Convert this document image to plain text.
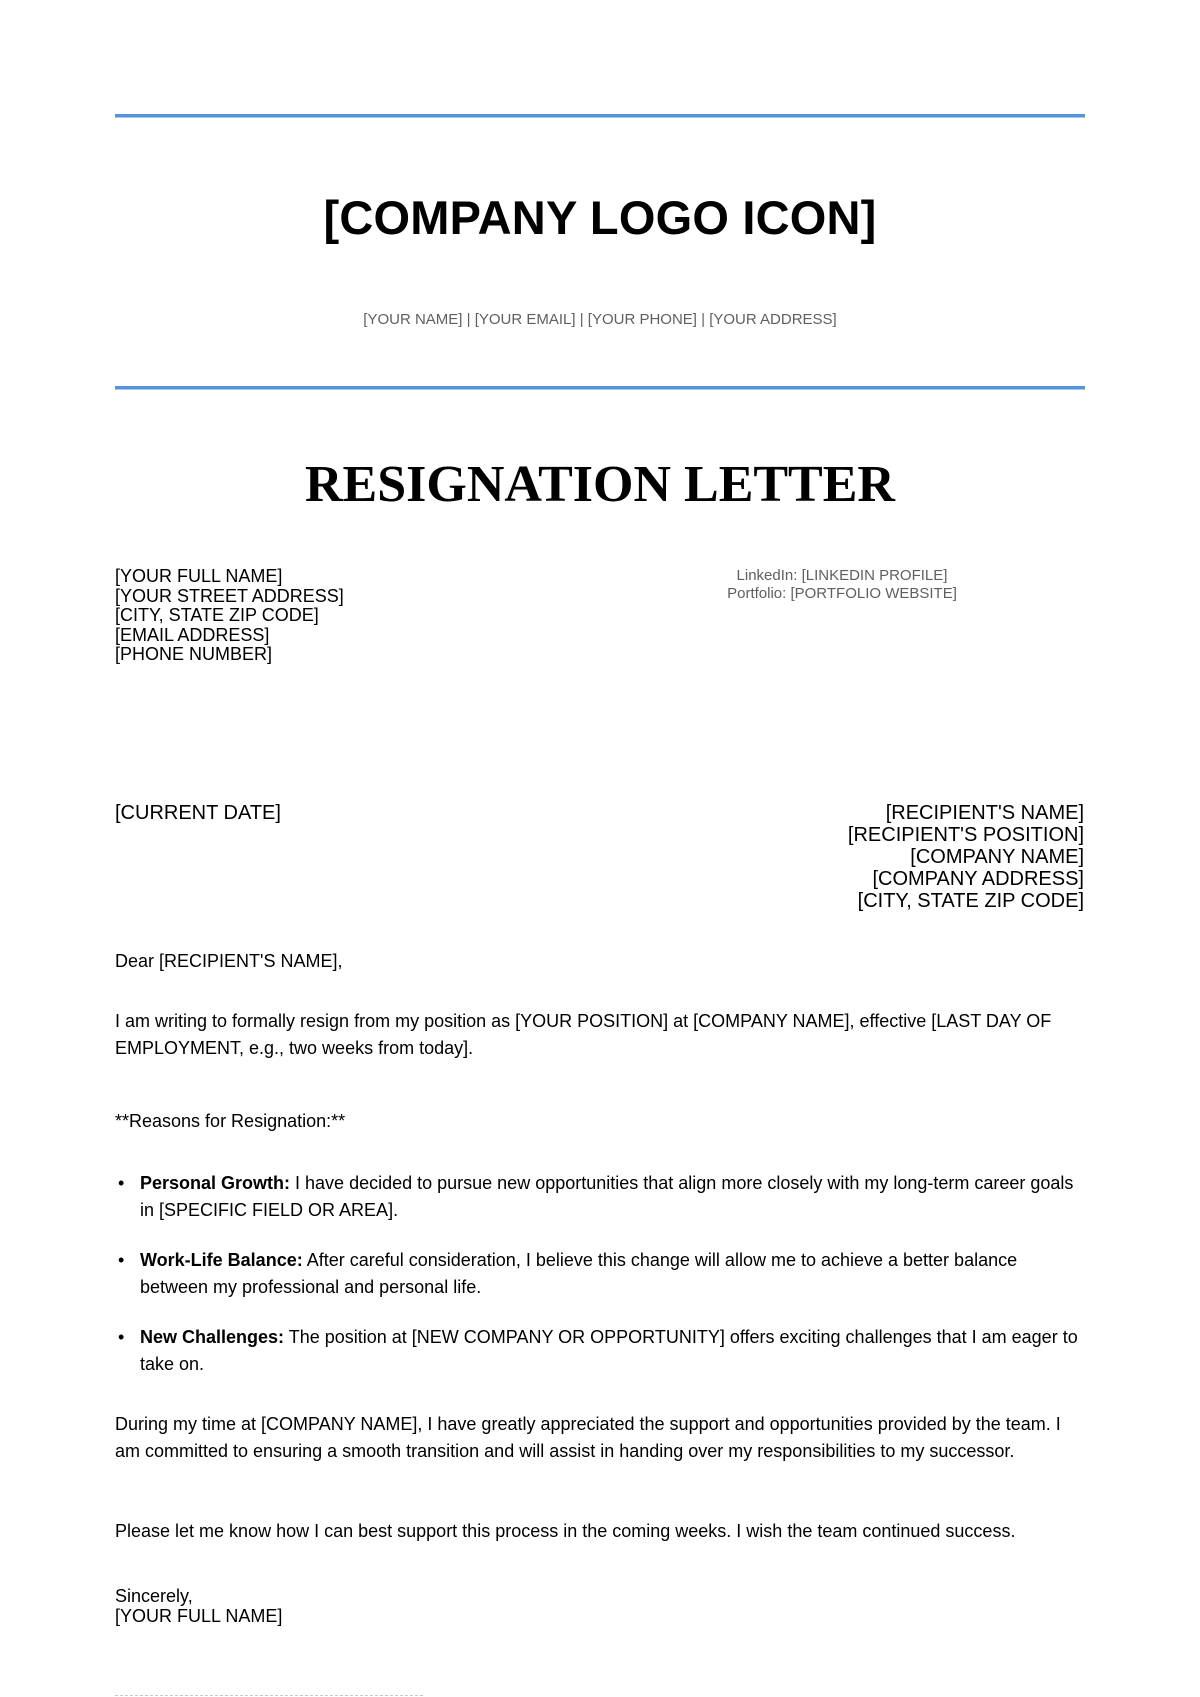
[COMPANY LOGO ICON]
[YOUR NAME] | [YOUR EMAIL] | [YOUR PHONE] | [YOUR ADDRESS]
RESIGNATION LETTER
[YOUR FULL NAME]
[YOUR STREET ADDRESS]
[CITY, STATE ZIP CODE]
[EMAIL ADDRESS]
[PHONE NUMBER]
LinkedIn: [LINKEDIN PROFILE]
Portfolio: [PORTFOLIO WEBSITE]
[CURRENT DATE]	[RECIPIENT'S NAME]
[RECIPIENT'S POSITION]
[COMPANY NAME]
[COMPANY ADDRESS]
[CITY, STATE ZIP CODE]
Dear [RECIPIENT'S NAME],
I am writing to formally resign from my position as [YOUR POSITION] at [COMPANY NAME], effective [LAST DAY OF EMPLOYMENT, e.g., two weeks from today].
**Reasons for Resignation:**
• Personal Growth: I have decided to pursue new opportunities that align more closely with my long-term career goals in [SPECIFIC FIELD OR AREA].
• Work-Life Balance: After careful consideration, I believe this change will allow me to achieve a better balance between my professional and personal life.
• New Challenges: The position at [NEW COMPANY OR OPPORTUNITY] offers exciting challenges that I am eager to take on.
During my time at [COMPANY NAME], I have greatly appreciated the support and opportunities provided by the team. I am committed to ensuring a smooth transition and will assist in handing over my responsibilities to my successor.
Please let me know how I can best support this process in the coming weeks. I wish the team continued success.
Sincerely,
[YOUR FULL NAME]
